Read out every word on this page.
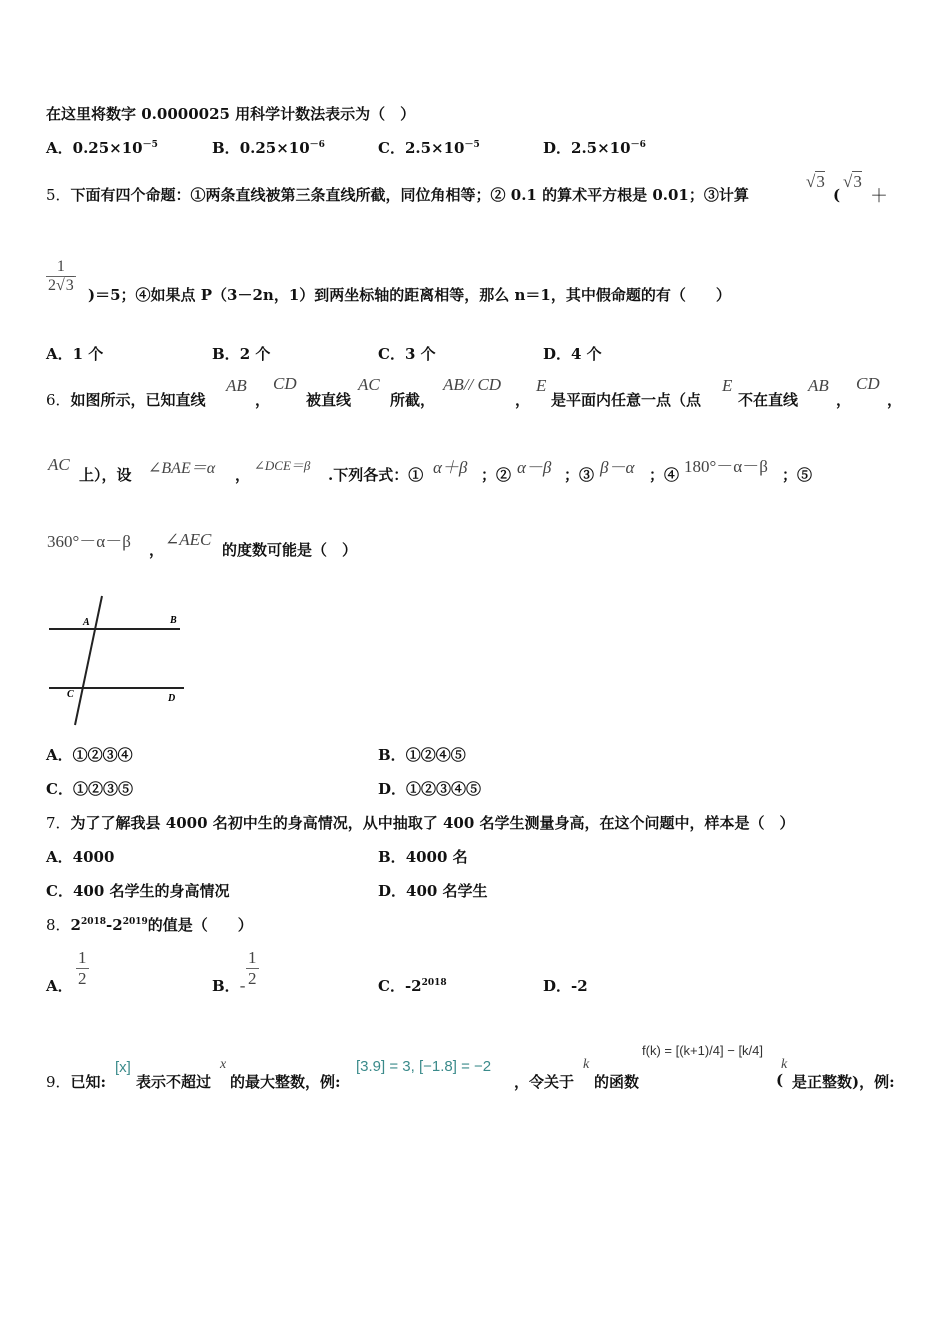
在这里将数字 0.0000025 用科学计数法表示为（　）
A．$0.25\times 10^{-5}$	B．$0.25\times 10^{-6}$	C．$2.5\times 10^{-5}$	D．$2.5\times 10^{-6}$
5．下面有四个命题：①两条直线被第三条直线所截，同位角相等；② 0.1 的算术平方根是 0.01；③计算
√3
(
√3
＋
$\frac{1}{2√3} )=5$；④如果点 P（3－2n，1）到两坐标轴的距离相等，那么 n＝1，其中假命题的有（　　）
A．1 个	B．2 个	C．3 个	D．4 个
6．如图所示，已知直线
AB
，
CD
被直线
AC
所截，
AB// CD
，
E
是平面内任意一点（点
E
不在直线
AB
，
CD
，
AC
上），设 ∠BAE＝α ，
∠DCE＝β
.下列各式：① α＋β ；② α－β ；③ β－α ；④ 180°－α－β ；⑤
360°－α－β ，
∠AEC
的度数可能是（　）
A	B
C	D
A．①②③④	B．①②④⑤
C．①②③⑤	D．①②③④⑤
7．为了了解我县 4000 名初中生的身高情况，从中抽取了 400 名学生测量身高，在这个问题中，样本是（　）
A．4000	B．4000 名
C．400 名学生的身高情况	D．400 名学生
8．$2^{2018}-2^{2019}$的值是（　　）
A． $\frac{1}{2}$	B．- $\frac{1}{2}$	C．$-2^{2018}$	D．-2
9．已知:
[x]
表示不超过
x
的最大整数，例:
[3.9] = 3, [−1.8] = −2
，令关于
k
的函数
f(k) = [(k+1)/4] − [k/4]
k
( 是正整数)，例:
